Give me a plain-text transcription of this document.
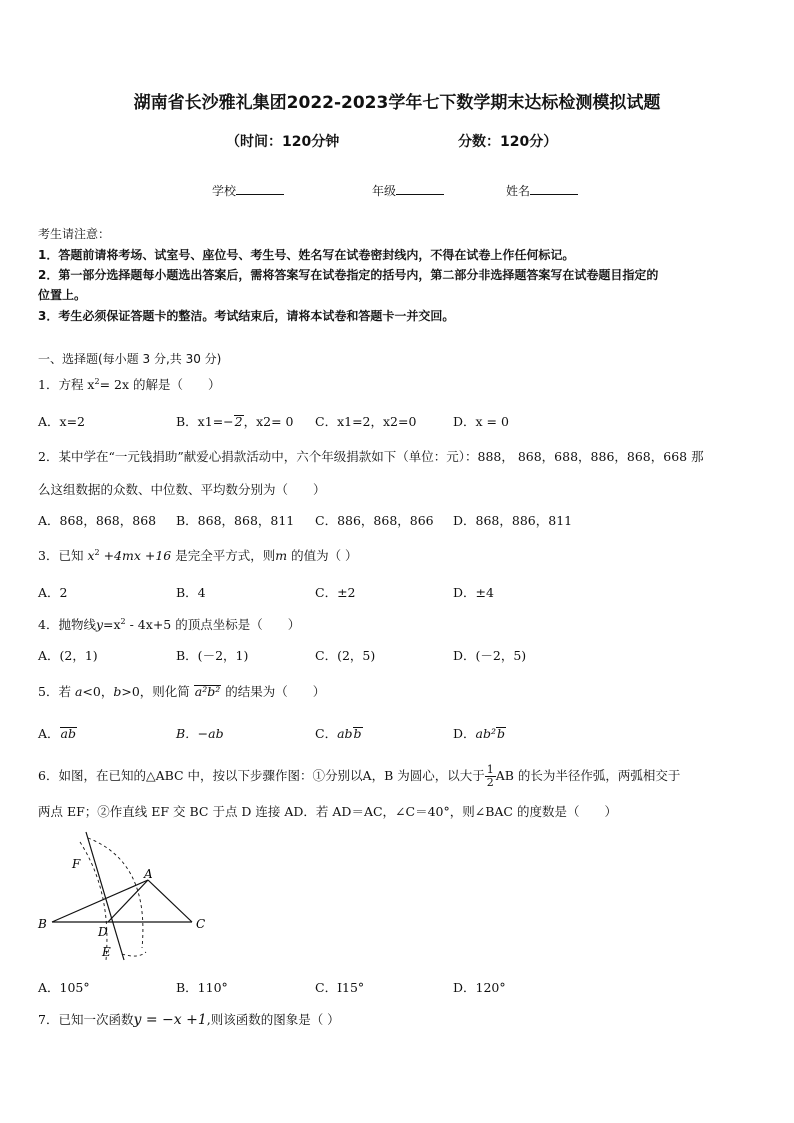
湖南省长沙雅礼集团2022-2023学年七下数学期末达标检测模拟试题
（时间：120分钟	分数：120分）
学校	年级	姓名
考生请注意：
1．答题前请将考场、试室号、座位号、考生号、姓名写在试卷密封线内，不得在试卷上作任何标记。
2．第一部分选择题每小题选出答案后，需将答案写在试卷指定的括号内，第二部分非选择题答案写在试卷题目指定的
位置上。
3．考生必须保证答题卡的整洁。考试结束后，请将本试卷和答题卡一并交回。
一、选择题(每小题 3 分,共 30 分)
1．方程 $x^2= 2x$ 的解是（　　）
A．x=2	B．x1=−2，x2= 0 C．x1=2，x2=0	D．x = 0
2．某中学在“一元钱捐助”献爱心捐款活动中，六个年级捐款如下（单位：元）：888， 868，688，886，868，668 那
么这组数据的众数、中位数、平均数分别为（　　）
A．868，868，868 B．868，868，811 C．886，868，866 D．868，886，811
3．已知 $x^2 +4mx +16$ 是完全平方式，则m 的值为（ ）
A．2	B．4	C．±2	D．±4
4．抛物线$y=x^2 - 4x+5$ 的顶点坐标是（　　）
A．(2，1)	B．(－2，1)	C．(2，5)	D．(－2，5)
5．若 a<0，b>0，则化简 a²b² 的结果为（　　）
A．ab	B．−ab	C．abb	D．ab²b
6．如图，在已知的△ABC 中，按以下步骤作图：①分别以A，B 为圆心，以大于 $\frac{1}{2}$ AB 的长为半径作弧，两弧相交于
两点 EF；②作直线 EF 交 BC 于点 D 连接 AD．若 AD＝AC，∠C＝40°，则∠BAC 的度数是（　　）
F
A
B	C
D
E
A．105°	B．110°	C．I15°	D．120°
7．已知一次函数y = −x +1,则该函数的图象是（ ）
